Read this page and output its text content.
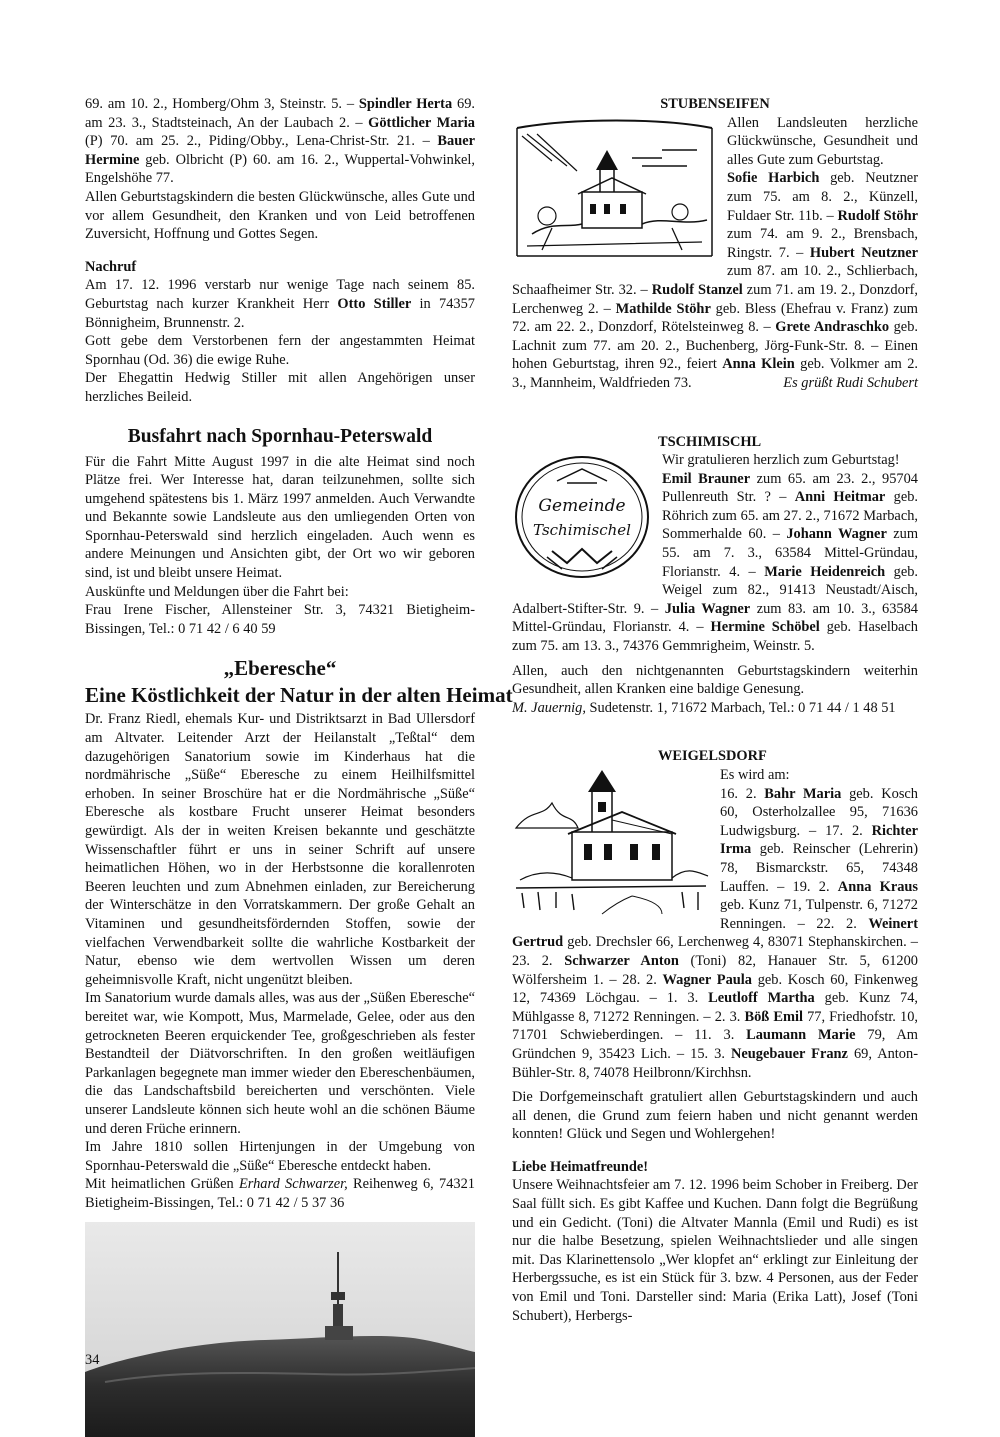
69. am 10. 2., Homberg/Ohm 3, Steinstr. 5. – Spindler Herta 69. am 23. 3., Stadtsteinach, An der Laubach 2. – Göttlicher Maria (P) 70. am 25. 2., Piding/Obby., Lena-Christ-Str. 21. – Bauer Hermine geb. Olbricht (P) 60. am 16. 2., Wuppertal-Vohwinkel, Engelshöhe 77.

Allen Geburtstagskindern die besten Glückwünsche, alles Gute und vor allem Gesundheit, den Kranken und von Leid betroffenen Zuversicht, Hoffnung und Gottes Segen.

Nachruf

Am 17. 12. 1996 verstarb nur wenige Tage nach seinem 85. Geburtstag nach kurzer Krankheit Herr Otto Stiller in 74357 Bönnigheim, Brunnenstr. 2.

Gott gebe dem Verstorbenen fern der angestammten Heimat Spornhau (Od. 36) die ewige Ruhe.

Der Ehegattin Hedwig Stiller mit allen Angehörigen unser herzliches Beileid.

Busfahrt nach Spornhau-Peterswald

Für die Fahrt Mitte August 1997 in die alte Heimat sind noch Plätze frei. Wer Interesse hat, daran teilzunehmen, sollte sich umgehend spätestens bis 1. März 1997 anmelden. Auch Verwandte und Bekannte sowie Landsleute aus den umliegenden Orten von Spornhau-Peterswald sind herzlich eingeladen. Auch wenn es andere Meinungen und Ansichten gibt, der Ort wo wir geboren sind, ist und bleibt unsere Heimat.

Auskünfte und Meldungen über die Fahrt bei:

Frau Irene Fischer, Allensteiner Str. 3, 74321 Bietigheim-Bissingen, Tel.: 0 71 42 / 6 40 59

„Eberesche“
Eine Köstlichkeit der Natur in der alten Heimat

Dr. Franz Riedl, ehemals Kur- und Distriktsarzt in Bad Ullersdorf am Altvater. Leitender Arzt der Heilanstalt „Teßtal“ dem dazugehörigen Sanatorium sowie im Kinderhaus hat die nordmährische „Süße“ Eberesche zu einem Heilhilfsmittel erhoben. In seiner Broschüre hat er die Nordmährische „Süße“ Eberesche als kostbare Frucht unserer Heimat besonders gewürdigt. Als der in weiten Kreisen bekannte und geschätzte Wissenschaftler führt er uns in seiner Schrift auf unsere heimatlichen Höhen, wo in der Herbstsonne die korallenroten Beeren leuchten und zum Abnehmen einladen, zur Bereicherung der Winterschätze in den Vorratskammern. Der große Gehalt an Vitaminen und gesundheitsfördernden Stoffen, sowie der vielfachen Verwendbarkeit sollte die wahrliche Kostbarkeit der Natur, ebenso wie dem wertvollen Wissen um deren geheimnisvolle Kraft, nicht ungenützt bleiben.

Im Sanatorium wurde damals alles, was aus der „Süßen Eberesche“ bereitet war, wie Kompott, Mus, Marmelade, Gelee, oder aus den getrockneten Beeren erquickender Tee, großgeschrieben als fester Bestandteil der Diätvorschriften. In den großen weitläufigen Parkanlagen begegnete man immer wieder den Ebereschenbäumen, die das Landschaftsbild bereicherten und verschönten. Viele unserer Landsleute können sich heute wohl an die schönen Bäume und deren Früche erinnern.

Im Jahre 1810 sollen Hirtenjungen in der Umgebung von Spornhau-Peterswald die „Süße“ Eberesche entdeckt haben.

Mit heimatlichen Grüßen Erhard Schwarzer, Reihenweg 6, 74321 Bietigheim-Bissingen, Tel.: 0 71 42 / 5 37 36

STUBENSEIFEN

Allen Landsleuten herzliche Glückwünsche, Gesundheit und alles Gute zum Geburtstag.

Sofie Harbich geb. Neutzner zum 75. am 8. 2., Künzell, Fuldaer Str. 11b. – Rudolf Stöhr zum 74. am 9. 2., Brensbach, Ringstr. 7. – Hubert Neutzner zum 87. am 10. 2., Schlierbach, Schaafheimer Str. 32. – Rudolf Stanzel zum 71. am 19. 2., Donzdorf, Lerchenweg 2. – Mathilde Stöhr geb. Bless (Ehefrau v. Franz) zum 72. am 22. 2., Donzdorf, Rötelsteinweg 8. – Grete Andraschko geb. Lachnit zum 77. am 20. 2., Buchenberg, Jörg-Funk-Str. 8. – Einen hohen Geburtstag, ihren 92., feiert Anna Klein geb. Volkmer am 2. 3., Mannheim, Waldfrieden 73.	Es grüßt Rudi Schubert

TSCHIMISCHL
Gemeinde
Tschimischel

Wir gratulieren herzlich zum Geburtstag!

Emil Brauner zum 65. am 23. 2., 95704 Pullenreuth Str. ? – Anni Heitmar geb. Röhrich zum 65. am 27. 2., 71672 Marbach, Sommerhalde 60. – Johann Wagner zum 55. am 7. 3., 63584 Mittel-Gründau, Florianstr. 4. – Marie Heidenreich geb. Weigel zum 82., 91413 Neustadt/Aisch, Adalbert-Stifter-Str. 9. – Julia Wagner zum 83. am 10. 3., 63584 Mittel-Gründau, Florianstr. 4. – Hermine Schöbel geb. Haselbach zum 75. am 13. 3., 74376 Gemmrigheim, Weinstr. 5.

Allen, auch den nichtgenannten Geburtstagskindern weiterhin Gesundheit, allen Kranken eine baldige Genesung.

M. Jauernig, Sudetenstr. 1, 71672 Marbach, Tel.: 0 71 44 / 1 48 51

WEIGELSDORF

Es wird am:

16. 2. Bahr Maria geb. Kosch 60, Osterholzallee 95, 71636 Ludwigsburg. – 17. 2. Richter Irma geb. Reinscher (Lehrerin) 78, Bismarckstr. 65, 74348 Lauffen. – 19. 2. Anna Kraus geb. Kunz 71, Tulpenstr. 6, 71272 Renningen. – 22. 2. Weinert Gertrud geb. Drechsler 66, Lerchenweg 4, 83071 Stephanskirchen. – 23. 2. Schwarzer Anton (Toni) 82, Hanauer Str. 5, 61200 Wölfersheim 1. – 28. 2. Wagner Paula geb. Kosch 60, Finkenweg 12, 74369 Löchgau. – 1. 3. Leutloff Martha geb. Kunz 74, Mühlgasse 8, 71272 Renningen. – 2. 3. Böß Emil 77, Friedhofstr. 10, 71701 Schwieberdingen. – 11. 3. Laumann Marie 79, Am Gründchen 9, 35423 Lich. – 15. 3. Neugebauer Franz 69, Anton-Bühler-Str. 8, 74078 Heilbronn/Kirchhsn.

Die Dorfgemeinschaft gratuliert allen Geburtstagskindern und auch all denen, die Grund zum feiern haben und nicht genannt werden konnten! Glück und Segen und Wohlergehen!

Liebe Heimatfreunde!

Unsere Weihnachtsfeier am 7. 12. 1996 beim Schober in Freiberg. Der Saal füllt sich. Es gibt Kaffee und Kuchen. Dann folgt die Begrüßung und ein Gedicht. (Toni) die Altvater Mannla (Emil und Rudi) es ist nur die halbe Besetzung, spielen Weihnachtslieder und alle singen mit. Das Klarinettensolo „Wer klopfet an“ erklingt zur Einleitung der Herbergssuche, es ist ein Stück für 3. bzw. 4 Personen, aus der Feder von Emil und Toni. Darsteller sind: Maria (Erika Latt), Josef (Toni Schubert), Herbergs-

34
